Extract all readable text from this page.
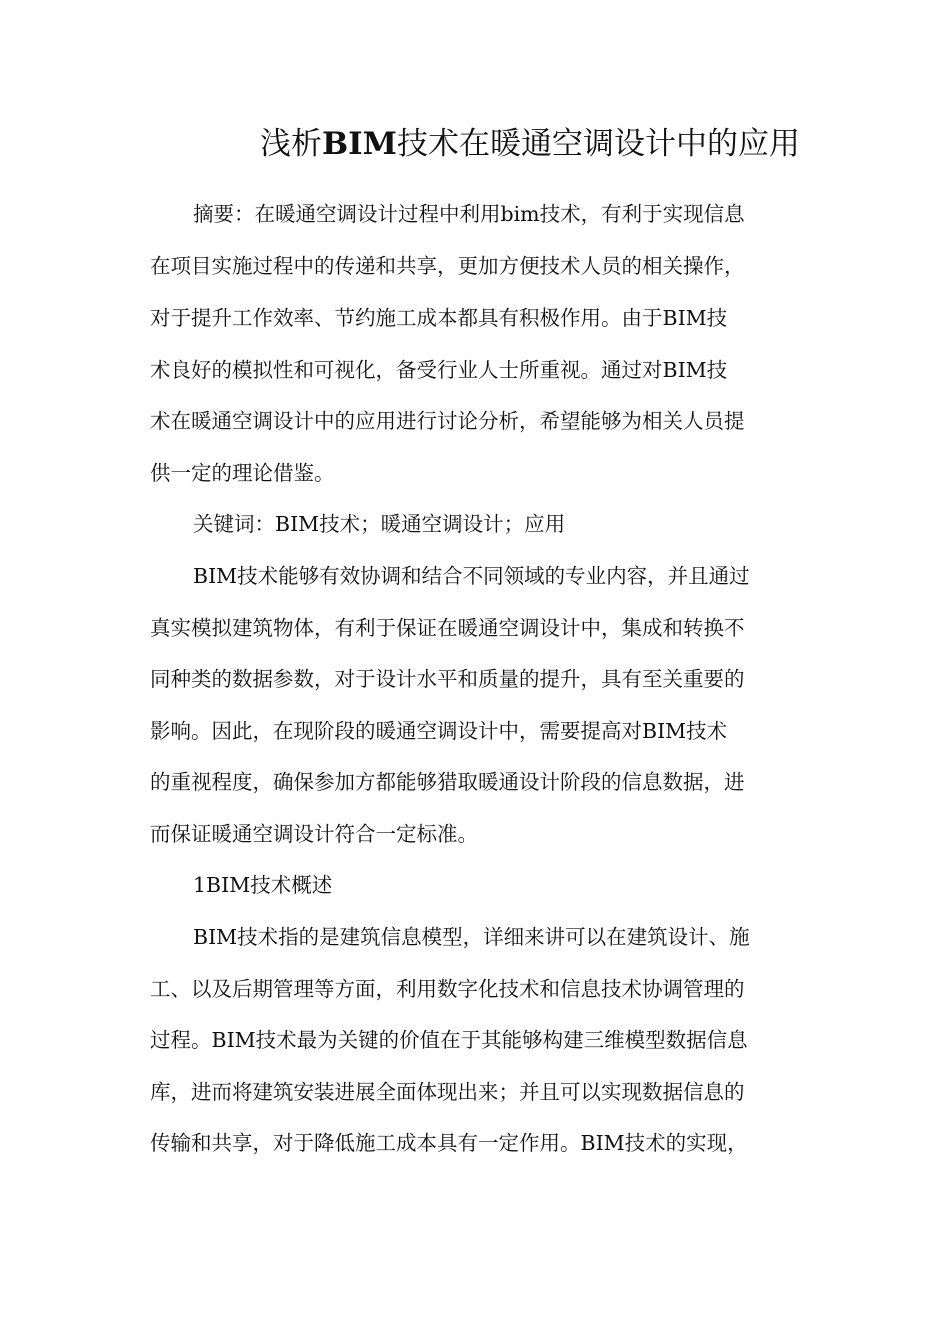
浅析BIM技术在暖通空调设计中的应用
摘要：在暖通空调设计过程中利用bim技术，有利于实现信息
在项目实施过程中的传递和共享，更加方便技术人员的相关操作，
对于提升工作效率、节约施工成本都具有积极作用。由于BIM技
术良好的模拟性和可视化，备受行业人士所重视。通过对BIM技
术在暖通空调设计中的应用进行讨论分析，希望能够为相关人员提
供一定的理论借鉴。
关键词：BIM技术；暖通空调设计；应用
BIM技术能够有效协调和结合不同领域的专业内容，并且通过
真实模拟建筑物体，有利于保证在暖通空调设计中，集成和转换不
同种类的数据参数，对于设计水平和质量的提升，具有至关重要的
影响。因此，在现阶段的暖通空调设计中，需要提高对BIM技术
的重视程度，确保参加方都能够猎取暖通设计阶段的信息数据，进
而保证暖通空调设计符合一定标准。
1BIM技术概述
BIM技术指的是建筑信息模型，详细来讲可以在建筑设计、施
工、以及后期管理等方面，利用数字化技术和信息技术协调管理的
过程。BIM技术最为关键的价值在于其能够构建三维模型数据信息
库，进而将建筑安装进展全面体现出来；并且可以实现数据信息的
传输和共享，对于降低施工成本具有一定作用。BIM技术的实现，
